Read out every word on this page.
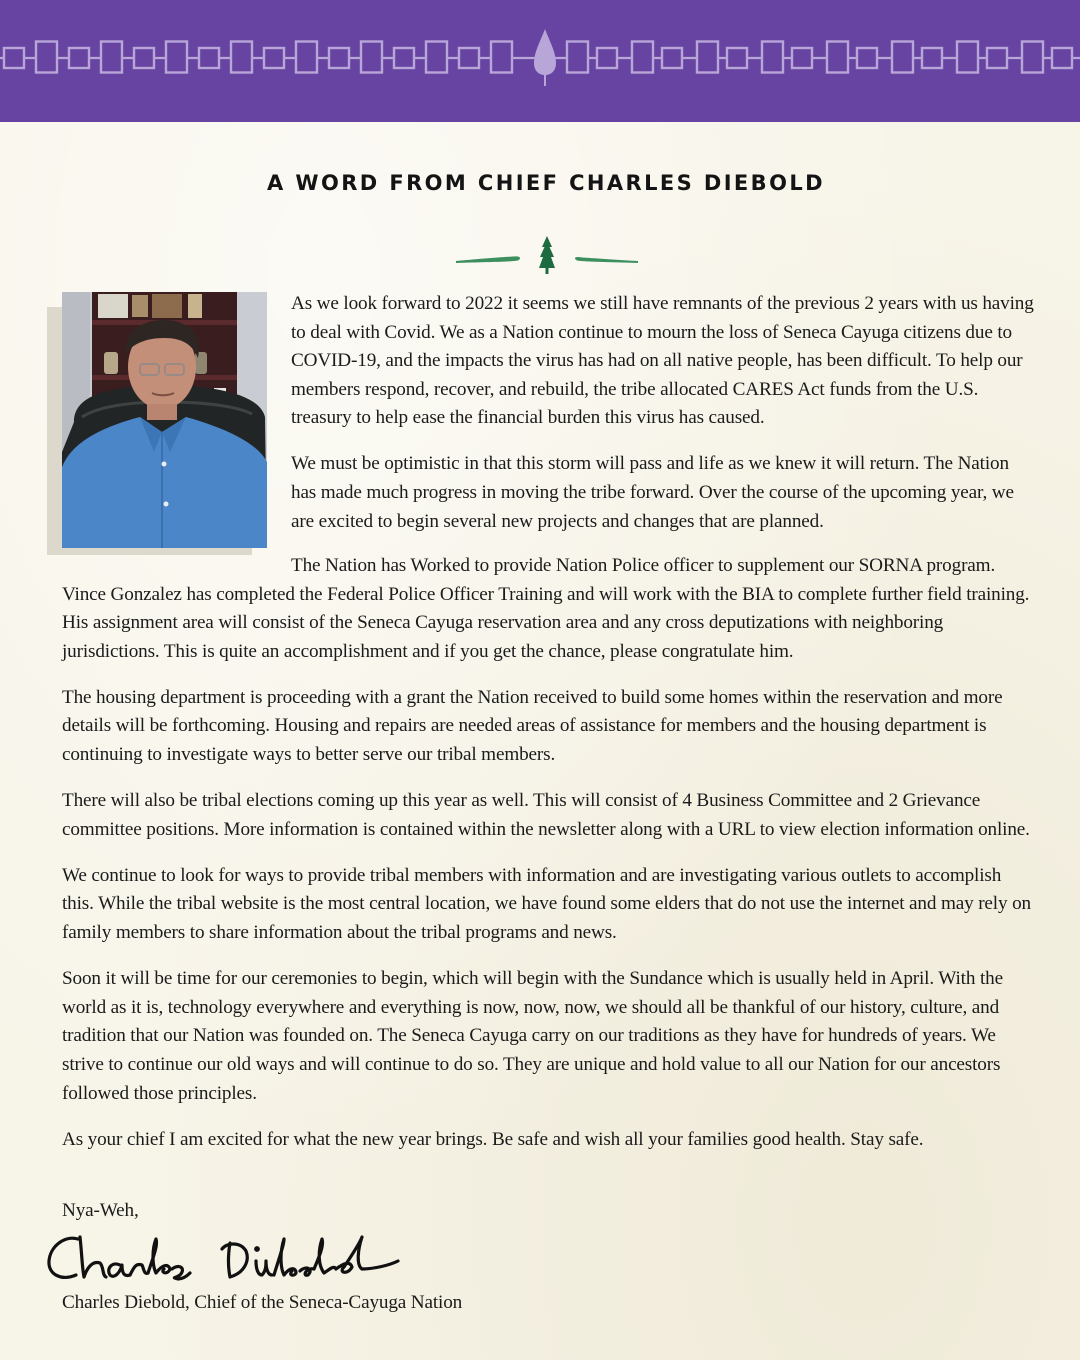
A WORD FROM CHIEF CHARLES DIEBOLD

As we look forward to 2022 it seems we still have remnants of the previous 2 years with us having to deal with Covid. We as a Nation continue to mourn the loss of Seneca Cayuga citizens due to COVID-19, and the impacts the virus has had on all native people, has been difficult. To help our members respond, recover, and rebuild, the tribe allocated CARES Act funds from the U.S. treasury to help ease the financial burden this virus has caused.

We must be optimistic in that this storm will pass and life as we knew it will return. The Nation has made much progress in moving the tribe forward. Over the course of the upcoming year, we are excited to begin several new projects and changes that are planned.

The Nation has Worked to provide Nation Police officer to supplement our SORNA program. Vince Gonzalez has completed the Federal Police Officer Training and will work with the BIA to complete further field training. His assignment area will consist of the Seneca Cayuga reservation area and any cross deputizations with neighboring jurisdictions. This is quite an accomplishment and if you get the chance, please congratulate him.

The housing department is proceeding with a grant the Nation received to build some homes within the reservation and more details will be forthcoming. Housing and repairs are needed areas of assistance for members and the housing department is continuing to investigate ways to better serve our tribal members.

There will also be tribal elections coming up this year as well. This will consist of 4 Business Committee and 2 Grievance committee positions. More information is contained within the newsletter along with a URL to view election information online.

We continue to look for ways to provide tribal members with information and are investigating various outlets to accomplish this. While the tribal website is the most central location, we have found some elders that do not use the internet and may rely on family members to share information about the tribal programs and news.

Soon it will be time for our ceremonies to begin, which will begin with the Sundance which is usually held in April. With the world as it is, technology everywhere and everything is now, now, now, we should all be thankful of our history, culture, and tradition that our Nation was founded on. The Seneca Cayuga carry on our traditions as they have for hundreds of years. We strive to continue our old ways and will continue to do so. They are unique and hold value to all our Nation for our ancestors followed those principles.

As your chief I am excited for what the new year brings. Be safe and wish all your families good health. Stay safe.

Nya-Weh,
Charles Diebold, Chief of the Seneca-Cayuga Nation
